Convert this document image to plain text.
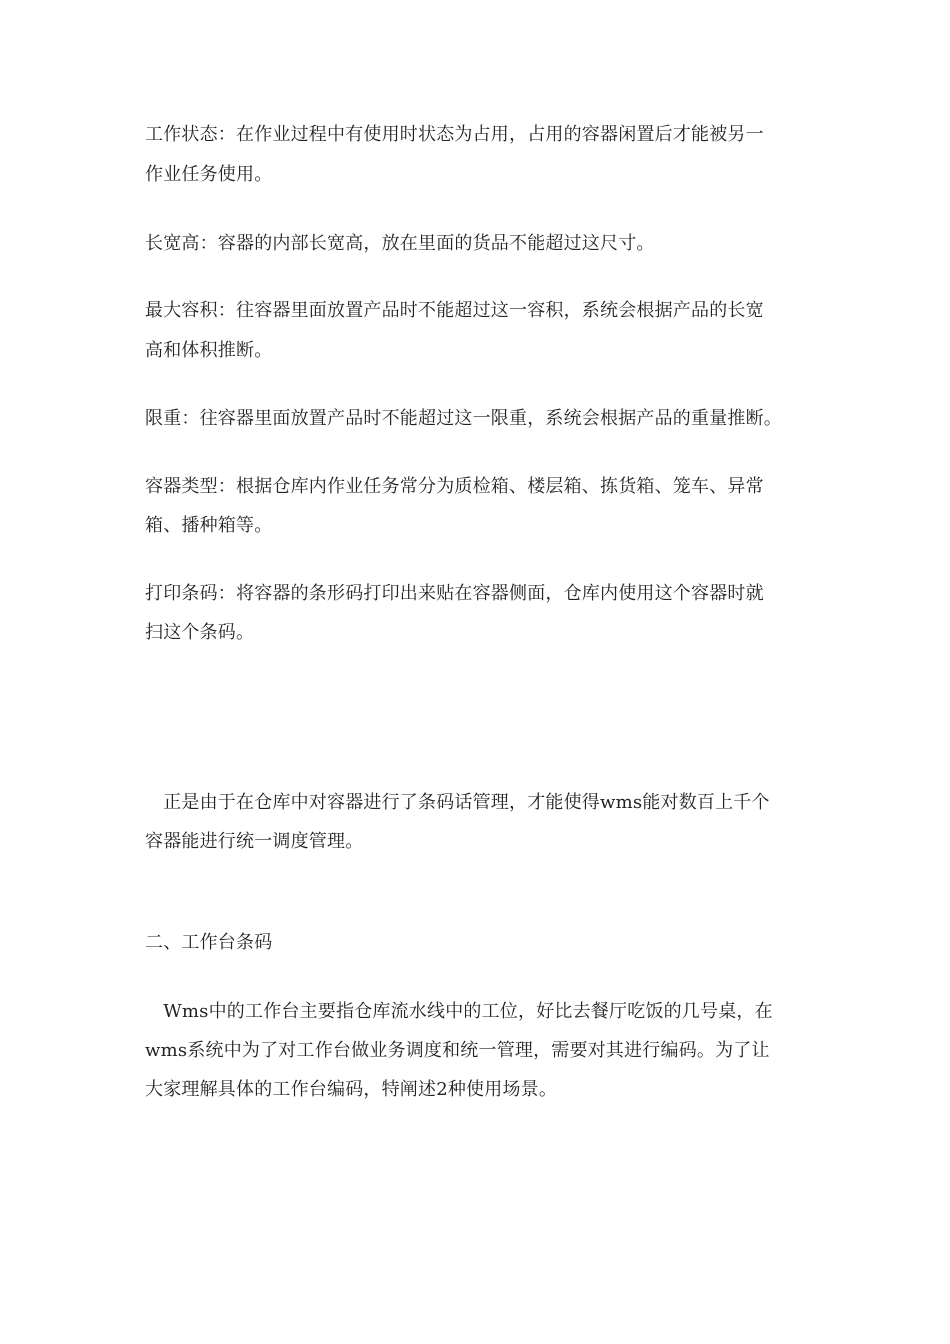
工作状态：在作业过程中有使用时状态为占用，占用的容器闲置后才能被另一
作业任务使用。
长宽高：容器的内部长宽高，放在里面的货品不能超过这尺寸。
最大容积：往容器里面放置产品时不能超过这一容积，系统会根据产品的长宽
高和体积推断。
限重：往容器里面放置产品时不能超过这一限重，系统会根据产品的重量推断。
容器类型：根据仓库内作业任务常分为质检箱、楼层箱、拣货箱、笼车、异常
箱、播种箱等。
打印条码：将容器的条形码打印出来贴在容器侧面，仓库内使用这个容器时就
扫这个条码。
　正是由于在仓库中对容器进行了条码话管理，才能使得wms能对数百上千个
容器能进行统一调度管理。
二、工作台条码
　Wms中的工作台主要指仓库流水线中的工位，好比去餐厅吃饭的几号桌，在
wms系统中为了对工作台做业务调度和统一管理，需要对其进行编码。为了让
大家理解具体的工作台编码，特阐述2种使用场景。
